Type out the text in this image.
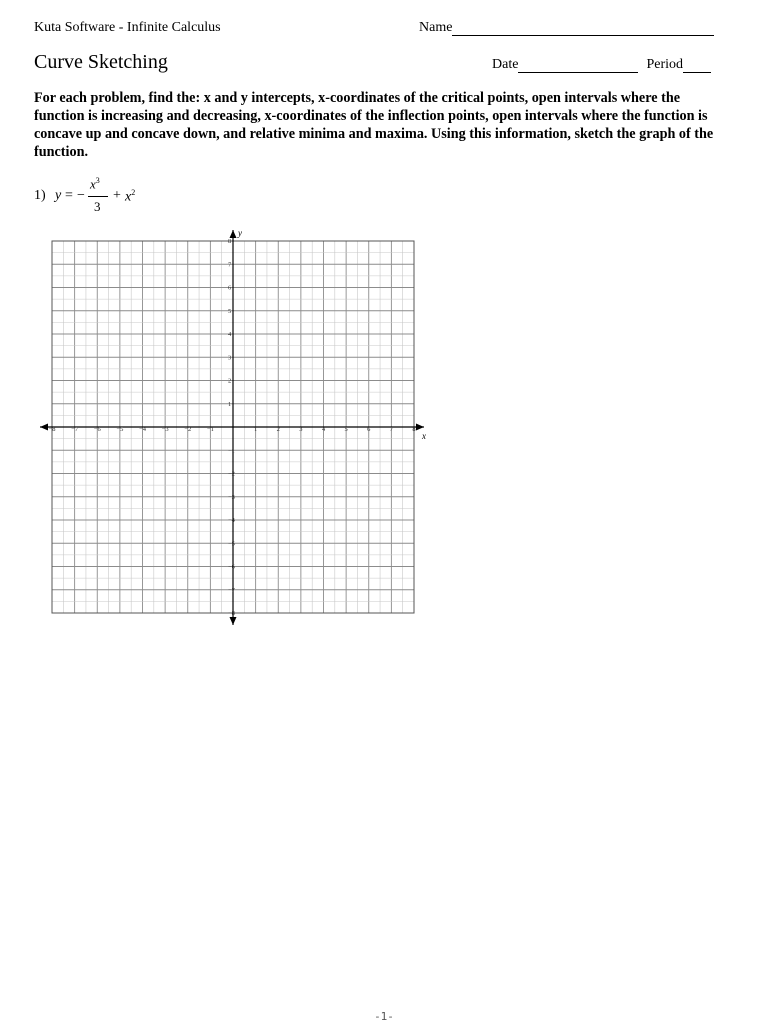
Kuta Software - Infinite Calculus	Name
Curve Sketching	Date	Period
For each problem, find the: x and y intercepts, x-coordinates of the critical points, open intervals where the function is increasing and decreasing, x-coordinates of the inflection points, open intervals where the function is concave up and concave down, and relative minima and maxima. Using this information, sketch the graph of the function.
1) y = −
$x^3$
3
+ $x^2$
x
y
−8 −7 −6 −5 −4 −3 −2 −1	1	2	3	4	5	6	7	8
−8
−7
−6
−5
−4
−3
−2
−1
1
2
3
4
5
6
7
8
-1-
